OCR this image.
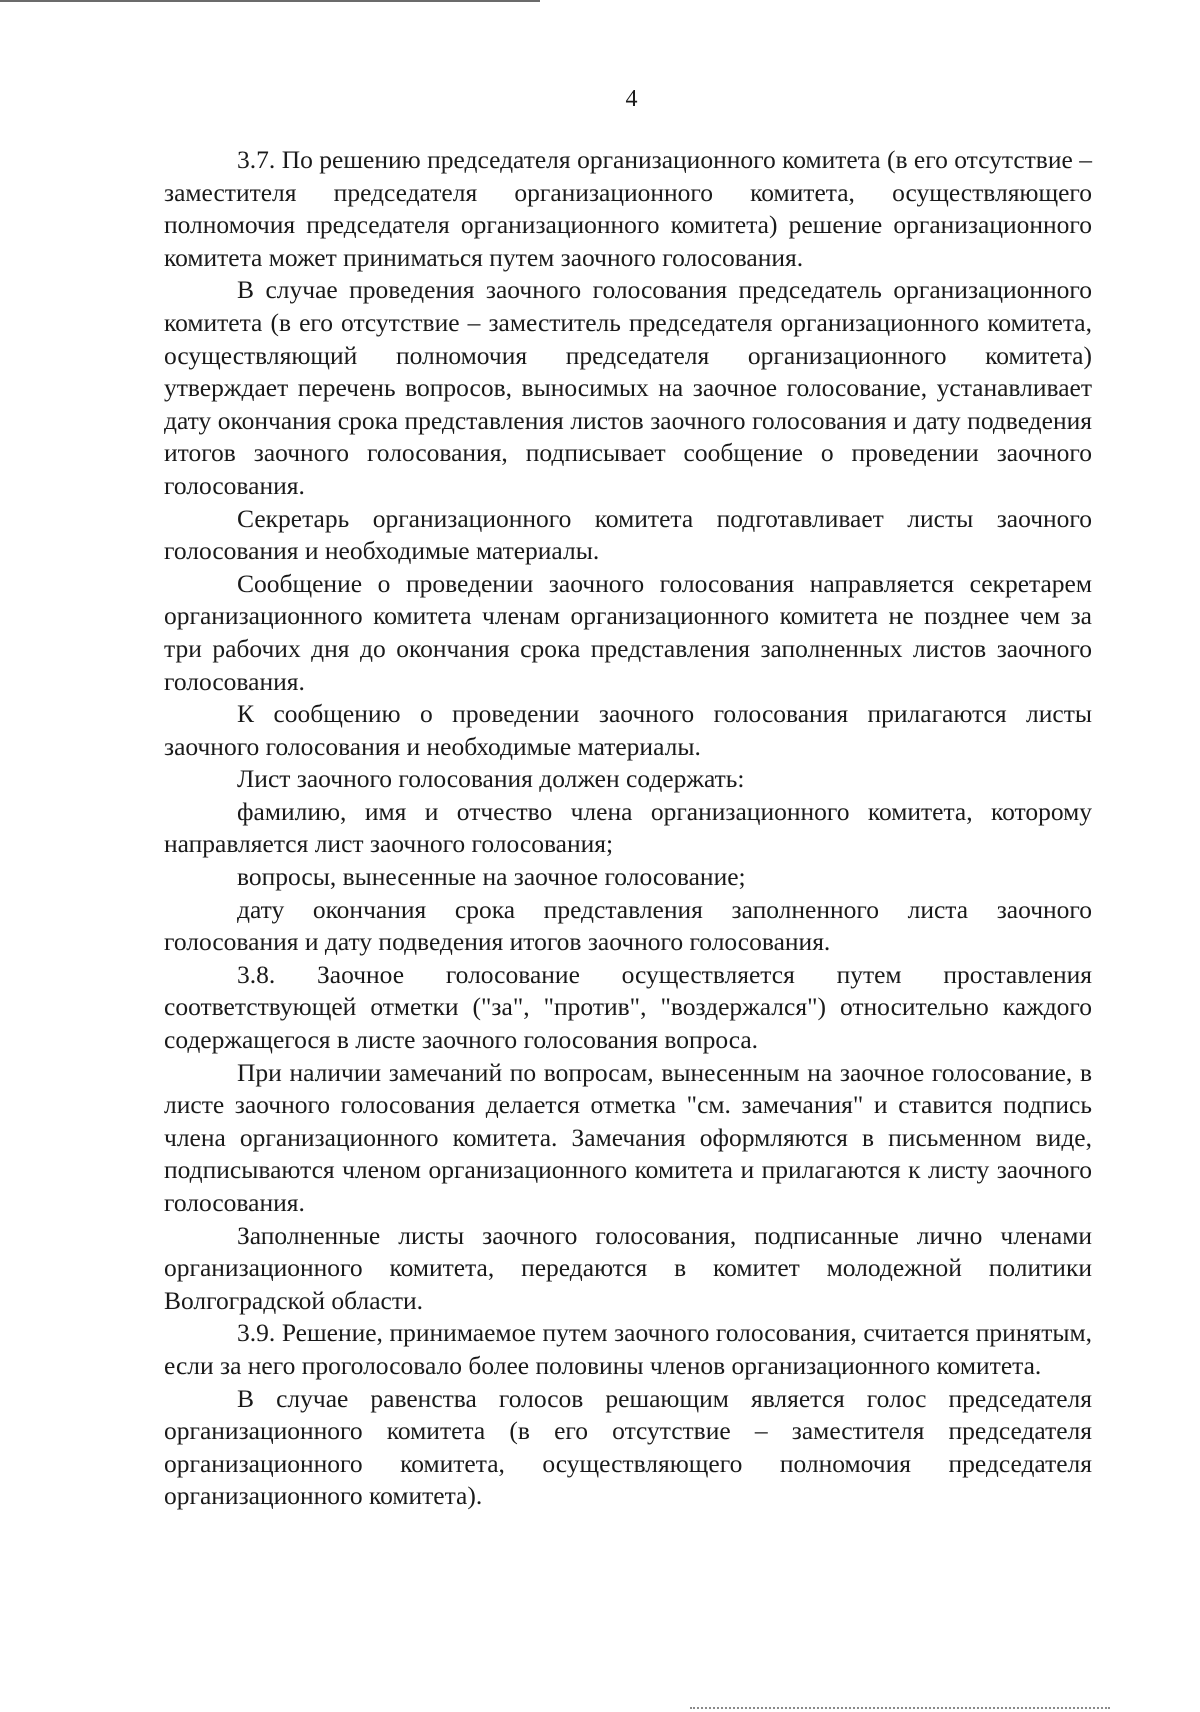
4

3.7. По решению председателя организационного комитета (в его отсутствие – заместителя председателя организационного комитета, осуществляющего полномочия председателя организационного комитета) решение организационного комитета может приниматься путем заочного голосования.

В случае проведения заочного голосования председатель организационного комитета (в его отсутствие – заместитель председателя организационного комитета, осуществляющий полномочия председателя организационного комитета) утверждает перечень вопросов, выносимых на заочное голосование, устанавливает дату окончания срока представления листов заочного голосования и дату подведения итогов заочного голосования, подписывает сообщение о проведении заочного голосования.

Секретарь организационного комитета подготавливает листы заочного голосования и необходимые материалы.

Сообщение о проведении заочного голосования направляется секретарем организационного комитета членам организационного комитета не позднее чем за три рабочих дня до окончания срока представления заполненных листов заочного голосования.

К сообщению о проведении заочного голосования прилагаются листы заочного голосования и необходимые материалы.

Лист заочного голосования должен содержать:

фамилию, имя и отчество члена организационного комитета, которому направляется лист заочного голосования;

вопросы, вынесенные на заочное голосование;

дату окончания срока представления заполненного листа заочного голосования и дату подведения итогов заочного голосования.

3.8. Заочное голосование осуществляется путем проставления соответствующей отметки ("за", "против", "воздержался") относительно каждого содержащегося в листе заочного голосования вопроса.

При наличии замечаний по вопросам, вынесенным на заочное голосование, в листе заочного голосования делается отметка "см. замечания" и ставится подпись члена организационного комитета. Замечания оформляются в письменном виде, подписываются членом организационного комитета и прилагаются к листу заочного голосования.

Заполненные листы заочного голосования, подписанные лично членами организационного комитета, передаются в комитет молодежной политики Волгоградской области.

3.9. Решение, принимаемое путем заочного голосования, считается принятым, если за него проголосовало более половины членов организационного комитета.

В случае равенства голосов решающим является голос председателя организационного комитета (в его отсутствие – заместителя председателя организационного комитета, осуществляющего полномочия председателя организационного комитета).
